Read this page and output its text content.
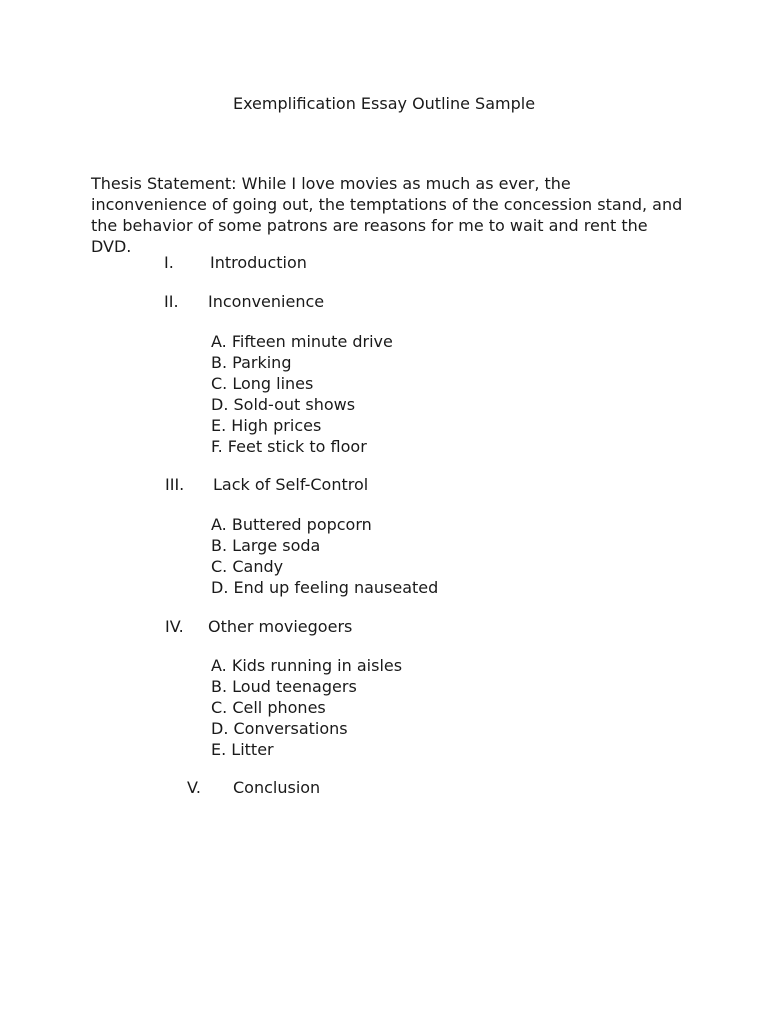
Exemplification Essay Outline Sample

Thesis Statement: While I love movies as much as ever, the inconvenience of going out, the temptations of the concession stand, and the behavior of some patrons are reasons for me to wait and rent the DVD.

I. Introduction
II. Inconvenience
A. Fifteen minute drive
B. Parking
C. Long lines
D. Sold-out shows
E. High prices
F. Feet stick to floor
III. Lack of Self-Control
A. Buttered popcorn
B. Large soda
C. Candy
D. End up feeling nauseated
IV. Other moviegoers
A. Kids running in aisles
B. Loud teenagers
C. Cell phones
D. Conversations
E. Litter
V. Conclusion
